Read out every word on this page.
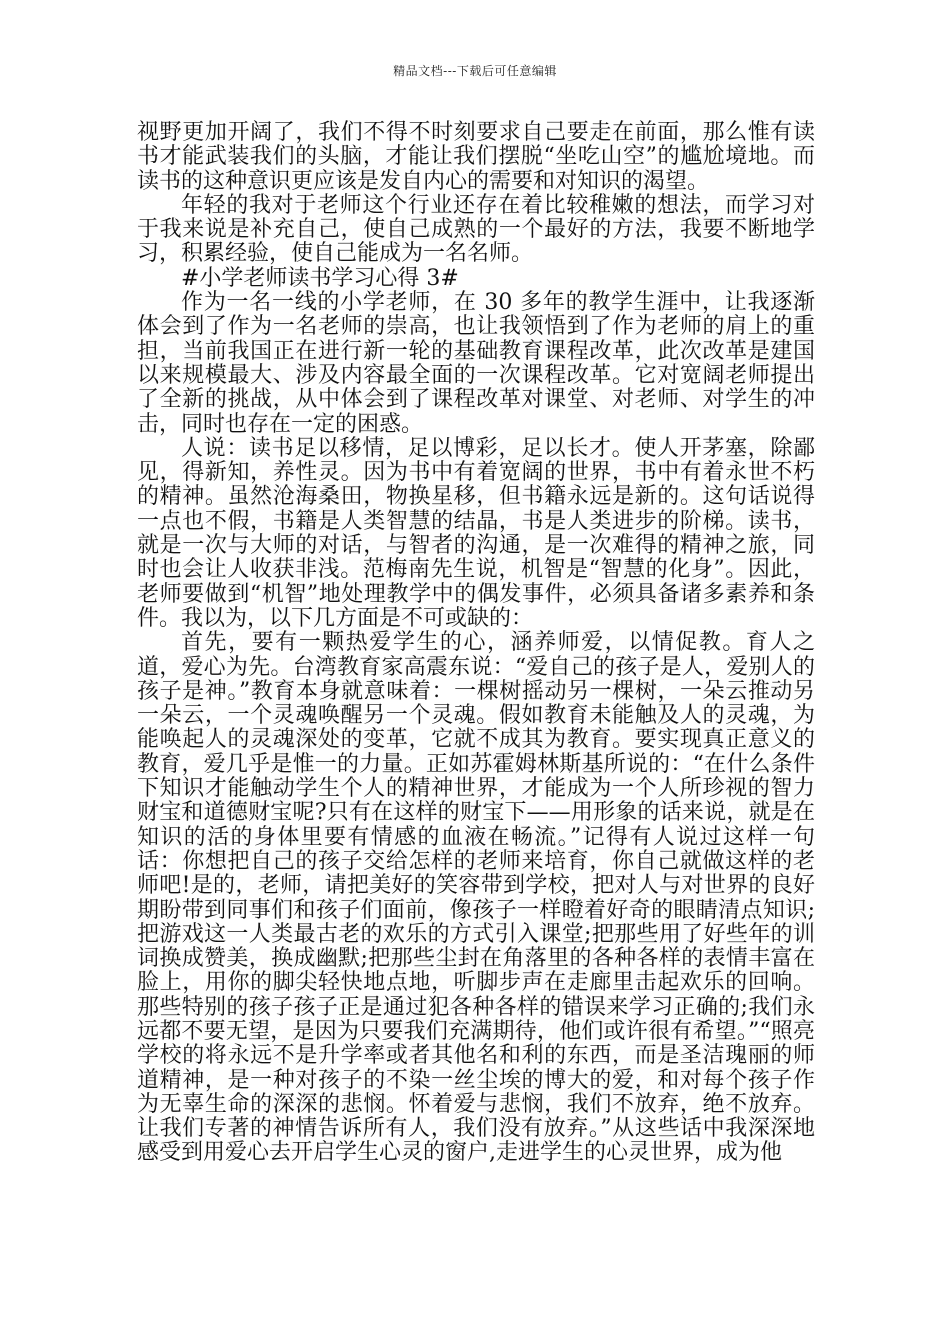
精品文档---下载后可任意编辑

视野更加开阔了，我们不得不时刻要求自己要走在前面，那么惟有读书才能武装我们的头脑，才能让我们摆脱“坐吃山空”的尴尬境地。而读书的这种意识更应该是发自内心的需要和对知识的渴望。

年轻的我对于老师这个行业还存在着比较稚嫩的想法，而学习对于我来说是补充自己，使自己成熟的一个最好的方法，我要不断地学习，积累经验，使自己能成为一名名师。

#小学老师读书学习心得 3#

作为一名一线的小学老师，在 30 多年的教学生涯中，让我逐渐体会到了作为一名老师的崇高，也让我领悟到了作为老师的肩上的重担，当前我国正在进行新一轮的基础教育课程改革，此次改革是建国以来规模最大、涉及内容最全面的一次课程改革。它对宽阔老师提出了全新的挑战，从中体会到了课程改革对课堂、对老师、对学生的冲击，同时也存在一定的困惑。

人说：读书足以移情，足以博彩，足以长才。使人开茅塞，除鄙见，得新知，养性灵。因为书中有着宽阔的世界，书中有着永世不朽的精神。虽然沧海桑田，物换星移，但书籍永远是新的。这句话说得一点也不假，书籍是人类智慧的结晶，书是人类进步的阶梯。读书，就是一次与大师的对话，与智者的沟通，是一次难得的精神之旅，同时也会让人收获非浅。范梅南先生说，机智是“智慧的化身”。因此，老师要做到“机智”地处理教学中的偶发事件，必须具备诸多素养和条件。我以为，以下几方面是不可或缺的：

首先，要有一颗热爱学生的心，涵养师爱，以情促教。育人之道，爱心为先。台湾教育家高震东说：“爱自己的孩子是人，爱别人的孩子是神。”教育本身就意味着：一棵树摇动另一棵树，一朵云推动另一朵云，一个灵魂唤醒另一个灵魂。假如教育未能触及人的灵魂，为能唤起人的灵魂深处的变革，它就不成其为教育。要实现真正意义的教育，爱几乎是惟一的力量。正如苏霍姆林斯基所说的：“在什么条件下知识才能触动学生个人的精神世界，才能成为一个人所珍视的智力财宝和道德财宝呢?只有在这样的财宝下——用形象的话来说，就是在知识的活的身体里要有情感的血液在畅流。”记得有人说过这样一句话：你想把自己的孩子交给怎样的老师来培育，你自己就做这样的老师吧!是的，老师，请把美好的笑容带到学校，把对人与对世界的良好期盼带到同事们和孩子们面前，像孩子一样瞪着好奇的眼睛清点知识;把游戏这一人类最古老的欢乐的方式引入课堂;把那些用了好些年的训词换成赞美，换成幽默;把那些尘封在角落里的各种各样的表情丰富在脸上，用你的脚尖轻快地点地，听脚步声在走廊里击起欢乐的回响。那些特别的孩子孩子正是通过犯各种各样的错误来学习正确的;我们永远都不要无望，是因为只要我们充满期待，他们或许很有希望。”“照亮学校的将永远不是升学率或者其他名和利的东西，而是圣洁瑰丽的师道精神，是一种对孩子的不染一丝尘埃的博大的爱，和对每个孩子作为无辜生命的深深的悲悯。怀着爱与悲悯，我们不放弃，绝不放弃。让我们专著的神情告诉所有人，我们没有放弃。”从这些话中我深深地感受到用爱心去开启学生心灵的窗户,走进学生的心灵世界，成为他
